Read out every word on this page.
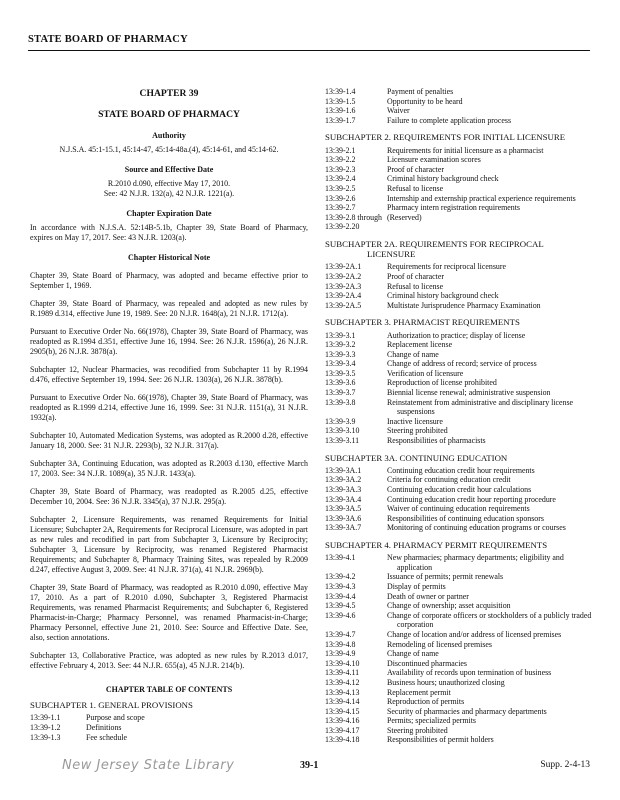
STATE BOARD OF PHARMACY
CHAPTER 39
STATE BOARD OF PHARMACY
Authority
N.J.S.A. 45:1-15.1, 45:14-47, 45:14-48a.(4), 45:14-61, and 45:14-62.
Source and Effective Date
R.2010 d.090, effective May 17, 2010.
See: 42 N.J.R. 132(a), 42 N.J.R. 1221(a).
Chapter Expiration Date
In accordance with N.J.S.A. 52:14B-5.1b, Chapter 39, State Board of Pharmacy, expires on May 17, 2017. See: 43 N.J.R. 1203(a).
Chapter Historical Note
Chapter 39, State Board of Pharmacy, was adopted and became effective prior to September 1, 1969.
Chapter 39, State Board of Pharmacy, was repealed and adopted as new rules by R.1989 d.314, effective June 19, 1989. See: 20 N.J.R. 1648(a), 21 N.J.R. 1712(a).
Pursuant to Executive Order No. 66(1978), Chapter 39, State Board of Pharmacy, was readopted as R.1994 d.351, effective June 16, 1994. See: 26 N.J.R. 1596(a), 26 N.J.R. 2905(b), 26 N.J.R. 3878(a).
Subchapter 12, Nuclear Pharmacies, was recodified from Subchapter 11 by R.1994 d.476, effective September 19, 1994. See: 26 N.J.R. 1303(a), 26 N.J.R. 3878(b).
Pursuant to Executive Order No. 66(1978), Chapter 39, State Board of Pharmacy, was readopted as R.1999 d.214, effective June 16, 1999. See: 31 N.J.R. 1151(a), 31 N.J.R. 1932(a).
Subchapter 10, Automated Medication Systems, was adopted as R.2000 d.28, effective January 18, 2000. See: 31 N.J.R. 2293(b), 32 N.J.R. 317(a).
Subchapter 3A, Continuing Education, was adopted as R.2003 d.130, effective March 17, 2003. See: 34 N.J.R. 1089(a), 35 N.J.R. 1433(a).
Chapter 39, State Board of Pharmacy, was readopted as R.2005 d.25, effective December 10, 2004. See: 36 N.J.R. 3345(a), 37 N.J.R. 295(a).
Subchapter 2, Licensure Requirements, was renamed Requirements for Initial Licensure; Subchapter 2A, Requirements for Reciprocal Licensure, was adopted in part as new rules and recodified in part from Subchapter 3, Licensure by Reciprocity; Subchapter 3, Licensure by Reciprocity, was renamed Registered Pharmacist Requirements; and Subchapter 8, Pharmacy Training Sites, was repealed by R.2009 d.247, effective August 3, 2009. See: 41 N.J.R. 371(a), 41 N.J.R. 2969(b).
Chapter 39, State Board of Pharmacy, was readopted as R.2010 d.090, effective May 17, 2010. As a part of R.2010 d.090, Subchapter 3, Registered Pharmacist Requirements, was renamed Pharmacist Requirements; and Subchapter 6, Registered Pharmacist-in-Charge; Pharmacy Personnel, was renamed Pharmacist-in-Charge; Pharmacy Personnel, effective June 21, 2010. See: Source and Effective Date. See, also, section annotations.
Subchapter 13, Collaborative Practice, was adopted as new rules by R.2013 d.017, effective February 4, 2013. See: 44 N.J.R. 655(a), 45 N.J.R. 214(b).
CHAPTER TABLE OF CONTENTS
SUBCHAPTER 1. GENERAL PROVISIONS
13:39-1.1	Purpose and scope
13:39-1.2	Definitions
13:39-1.3	Fee schedule
13:39-1.4	Payment of penalties
13:39-1.5	Opportunity to be heard
13:39-1.6	Waiver
13:39-1.7	Failure to complete application process
SUBCHAPTER 2. REQUIREMENTS FOR INITIAL LICENSURE
13:39-2.1	Requirements for initial licensure as a pharmacist
13:39-2.2	Licensure examination scores
13:39-2.3	Proof of character
13:39-2.4	Criminal history background check
13:39-2.5	Refusal to license
13:39-2.6	Internship and externship practical experience requirements
13:39-2.7	Pharmacy intern registration requirements
13:39-2.8 through 13:39-2.20
(Reserved)
SUBCHAPTER 2A. REQUIREMENTS FOR RECIPROCAL LICENSURE
13:39-2A.1	Requirements for reciprocal licensure
13:39-2A.2	Proof of character
13:39-2A.3	Refusal to license
13:39-2A.4	Criminal history background check
13:39-2A.5	Multistate Jurisprudence Pharmacy Examination
SUBCHAPTER 3. PHARMACIST REQUIREMENTS
13:39-3.1	Authorization to practice; display of license
13:39-3.2	Replacement license
13:39-3.3	Change of name
13:39-3.4	Change of address of record; service of process
13:39-3.5	Verification of licensure
13:39-3.6	Reproduction of license prohibited
13:39-3.7	Biennial license renewal; administrative suspension
13:39-3.8	Reinstatement from administrative and disciplinary license suspensions
13:39-3.9	Inactive licensure
13:39-3.10	Steering prohibited
13:39-3.11	Responsibilities of pharmacists
SUBCHAPTER 3A. CONTINUING EDUCATION
13:39-3A.1	Continuing education credit hour requirements
13:39-3A.2	Criteria for continuing education credit
13:39-3A.3	Continuing education credit hour calculations
13:39-3A.4	Continuing education credit hour reporting procedure
13:39-3A.5	Waiver of continuing education requirements
13:39-3A.6	Responsibilities of continuing education sponsors
13:39-3A.7	Monitoring of continuing education programs or courses
SUBCHAPTER 4. PHARMACY PERMIT REQUIREMENTS
13:39-4.1	New pharmacies; pharmacy departments; eligibility and application
13:39-4.2	Issuance of permits; permit renewals
13:39-4.3	Display of permits
13:39-4.4	Death of owner or partner
13:39-4.5	Change of ownership; asset acquisition
13:39-4.6	Change of corporate officers or stockholders of a publicly traded corporation
13:39-4.7	Change of location and/or address of licensed premises
13:39-4.8	Remodeling of licensed premises
13:39-4.9	Change of name
13:39-4.10	Discontinued pharmacies
13:39-4.11	Availability of records upon termination of business
13:39-4.12	Business hours; unauthorized closing
13:39-4.13	Replacement permit
13:39-4.14	Reproduction of permits
13:39-4.15	Security of pharmacies and pharmacy departments
13:39-4.16	Permits; specialized permits
13:39-4.17	Steering prohibited
13:39-4.18	Responsibilities of permit holders
New Jersey State Library	39-1	Supp. 2-4-13
